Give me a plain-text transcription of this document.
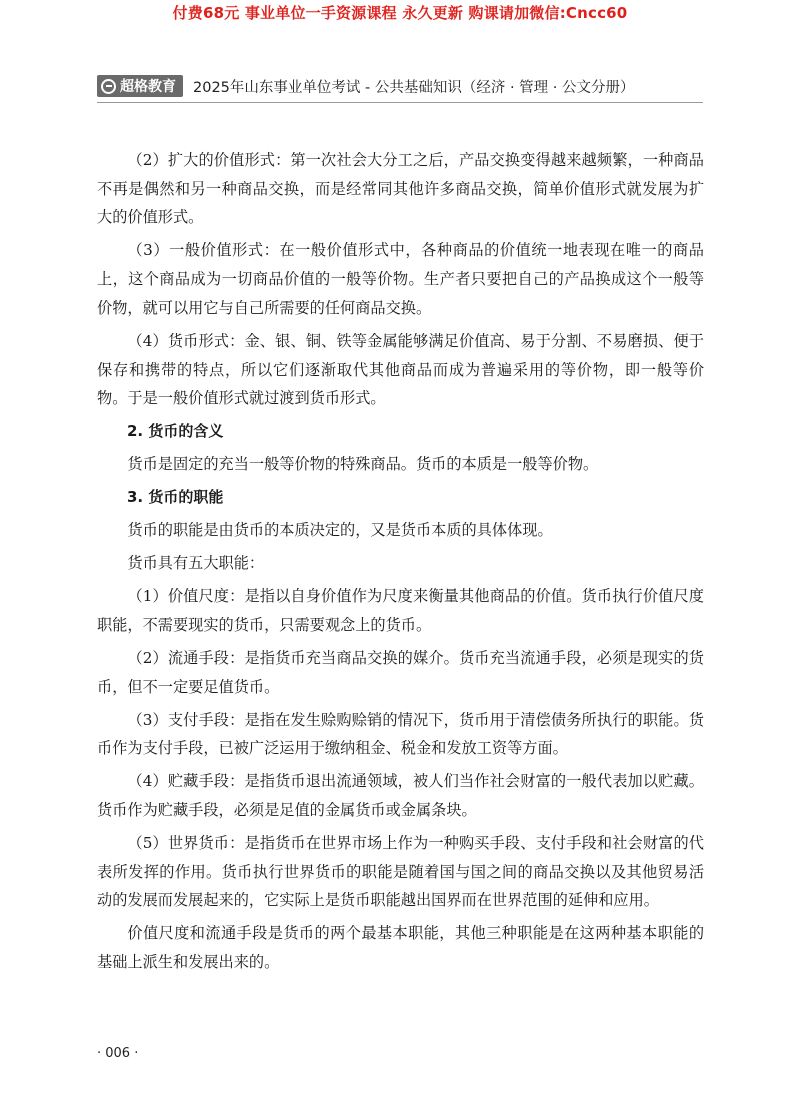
付费68元 事业单位一手资源课程 永久更新 购课请加微信:Cncc60
超格教育 2025年山东事业单位考试 - 公共基础知识（经济 · 管理 · 公文分册）

（2）扩大的价值形式：第一次社会大分工之后，产品交换变得越来越频繁，一种商品不再是偶然和另一种商品交换，而是经常同其他许多商品交换，简单价值形式就发展为扩大的价值形式。

（3）一般价值形式：在一般价值形式中，各种商品的价值统一地表现在唯一的商品上，这个商品成为一切商品价值的一般等价物。生产者只要把自己的产品换成这个一般等价物，就可以用它与自己所需要的任何商品交换。

（4）货币形式：金、银、铜、铁等金属能够满足价值高、易于分割、不易磨损、便于保存和携带的特点，所以它们逐渐取代其他商品而成为普遍采用的等价物，即一般等价物。于是一般价值形式就过渡到货币形式。

2. 货币的含义

货币是固定的充当一般等价物的特殊商品。货币的本质是一般等价物。

3. 货币的职能

货币的职能是由货币的本质决定的，又是货币本质的具体体现。

货币具有五大职能：

（1）价值尺度：是指以自身价值作为尺度来衡量其他商品的价值。货币执行价值尺度职能，不需要现实的货币，只需要观念上的货币。

（2）流通手段：是指货币充当商品交换的媒介。货币充当流通手段，必须是现实的货币，但不一定要足值货币。

（3）支付手段：是指在发生赊购赊销的情况下，货币用于清偿债务所执行的职能。货币作为支付手段，已被广泛运用于缴纳租金、税金和发放工资等方面。

（4）贮藏手段：是指货币退出流通领域，被人们当作社会财富的一般代表加以贮藏。货币作为贮藏手段，必须是足值的金属货币或金属条块。

（5）世界货币：是指货币在世界市场上作为一种购买手段、支付手段和社会财富的代表所发挥的作用。货币执行世界货币的职能是随着国与国之间的商品交换以及其他贸易活动的发展而发展起来的，它实际上是货币职能越出国界而在世界范围的延伸和应用。

价值尺度和流通手段是货币的两个最基本职能，其他三种职能是在这两种基本职能的基础上派生和发展出来的。

· 006 ·
